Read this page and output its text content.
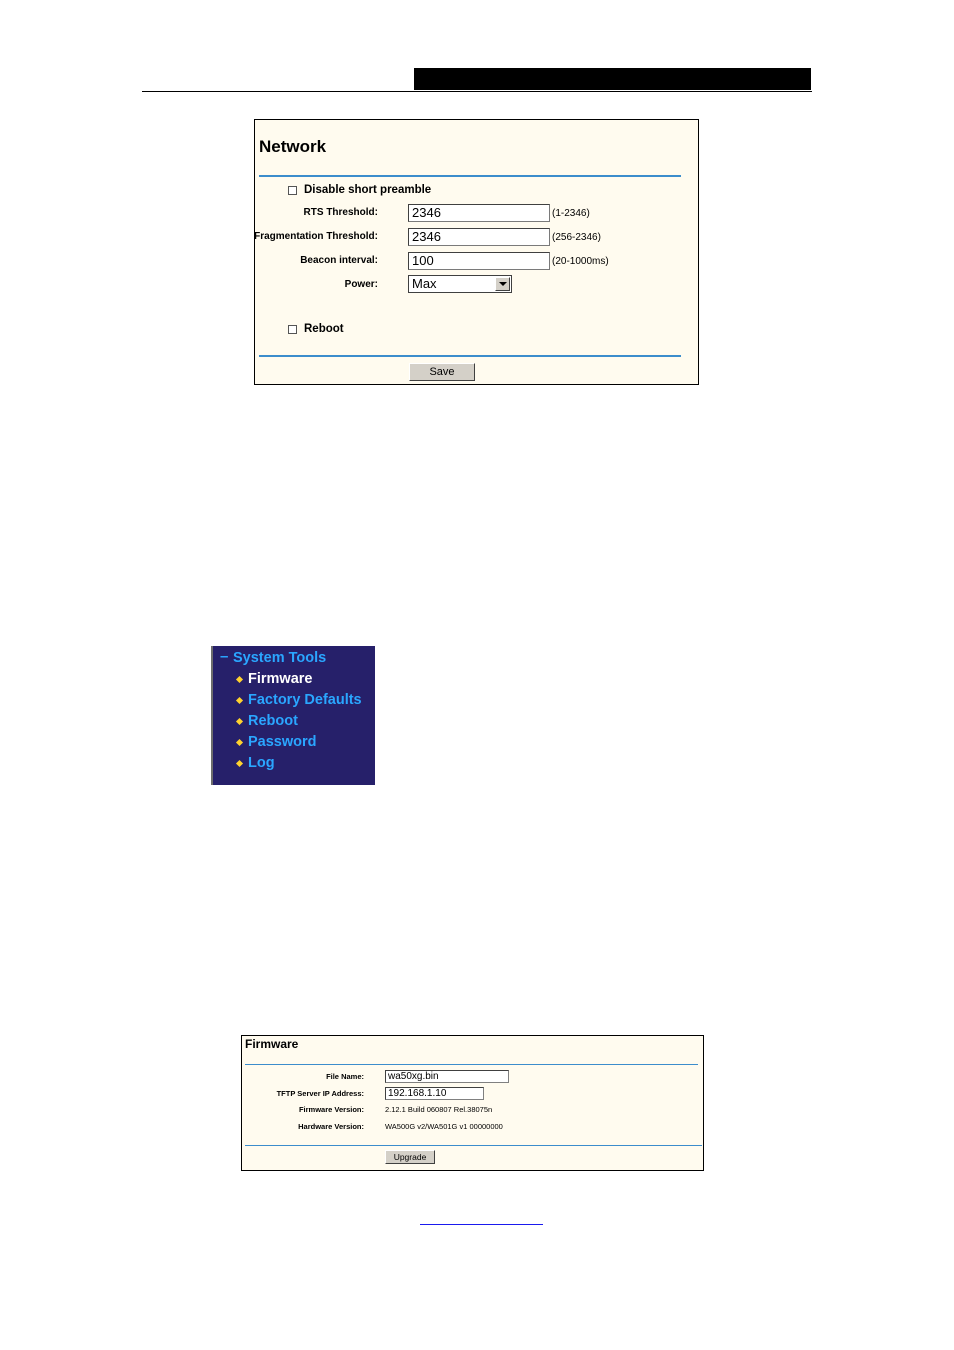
Network
Disable short preamble
RTS Threshold:	2346	(1-2346)
Fragmentation Threshold:	2346	(256-2346)
Beacon interval:	100	(20-1000ms)
Power:	Max
Reboot
Save
– System Tools
Firmware
Factory Defaults
Reboot
Password
Log
Firmware
File Name:	wa50xg.bin
TFTP Server IP Address:	192.168.1.10
Firmware Version:	2.12.1 Build 060807 Rel.38075n
Hardware Version:	WA500G v2/WA501G v1 00000000
Upgrade
